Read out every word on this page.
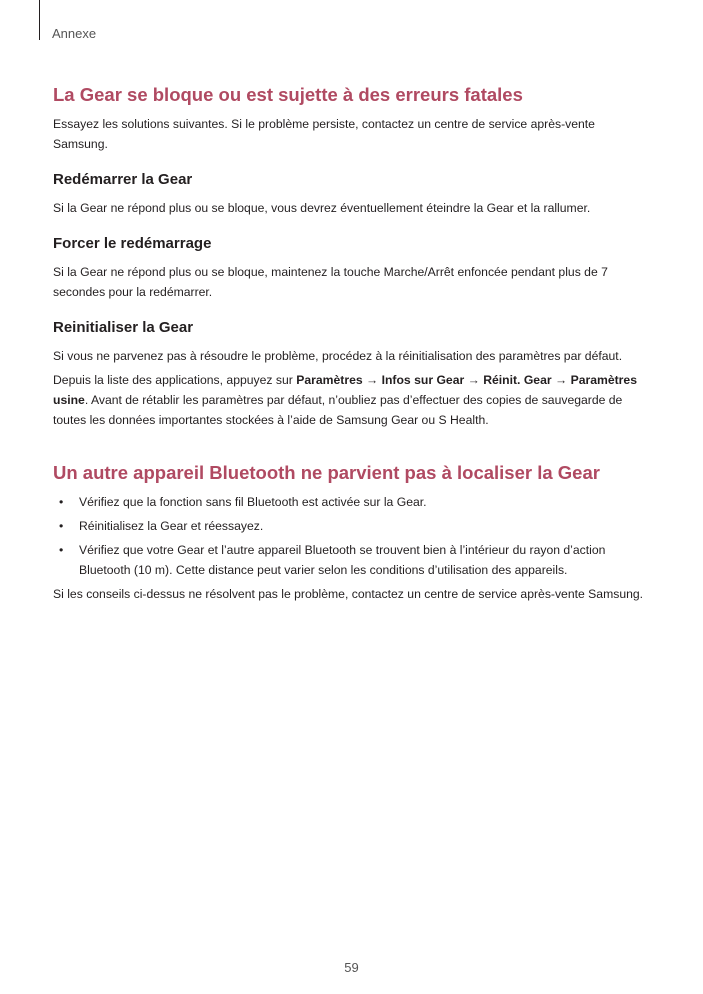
Annexe
La Gear se bloque ou est sujette à des erreurs fatales

Essayez les solutions suivantes. Si le problème persiste, contactez un centre de service après-vente Samsung.

Redémarrer la Gear

Si la Gear ne répond plus ou se bloque, vous devrez éventuellement éteindre la Gear et la rallumer.

Forcer le redémarrage

Si la Gear ne répond plus ou se bloque, maintenez la touche Marche/Arrêt enfoncée pendant plus de 7 secondes pour la redémarrer.

Reinitialiser la Gear

Si vous ne parvenez pas à résoudre le problème, procédez à la réinitialisation des paramètres par défaut.

Depuis la liste des applications, appuyez sur Paramètres → Infos sur Gear → Réinit. Gear → Paramètres usine. Avant de rétablir les paramètres par défaut, n’oubliez pas d’effectuer des copies de sauvegarde de toutes les données importantes stockées à l’aide de Samsung Gear ou S Health.

Un autre appareil Bluetooth ne parvient pas à localiser la Gear
• Vérifiez que la fonction sans fil Bluetooth est activée sur la Gear.
• Réinitialisez la Gear et réessayez.
• Vérifiez que votre Gear et l’autre appareil Bluetooth se trouvent bien à l’intérieur du rayon d’action Bluetooth (10 m). Cette distance peut varier selon les conditions d’utilisation des appareils.

Si les conseils ci-dessus ne résolvent pas le problème, contactez un centre de service après-vente Samsung.

59
